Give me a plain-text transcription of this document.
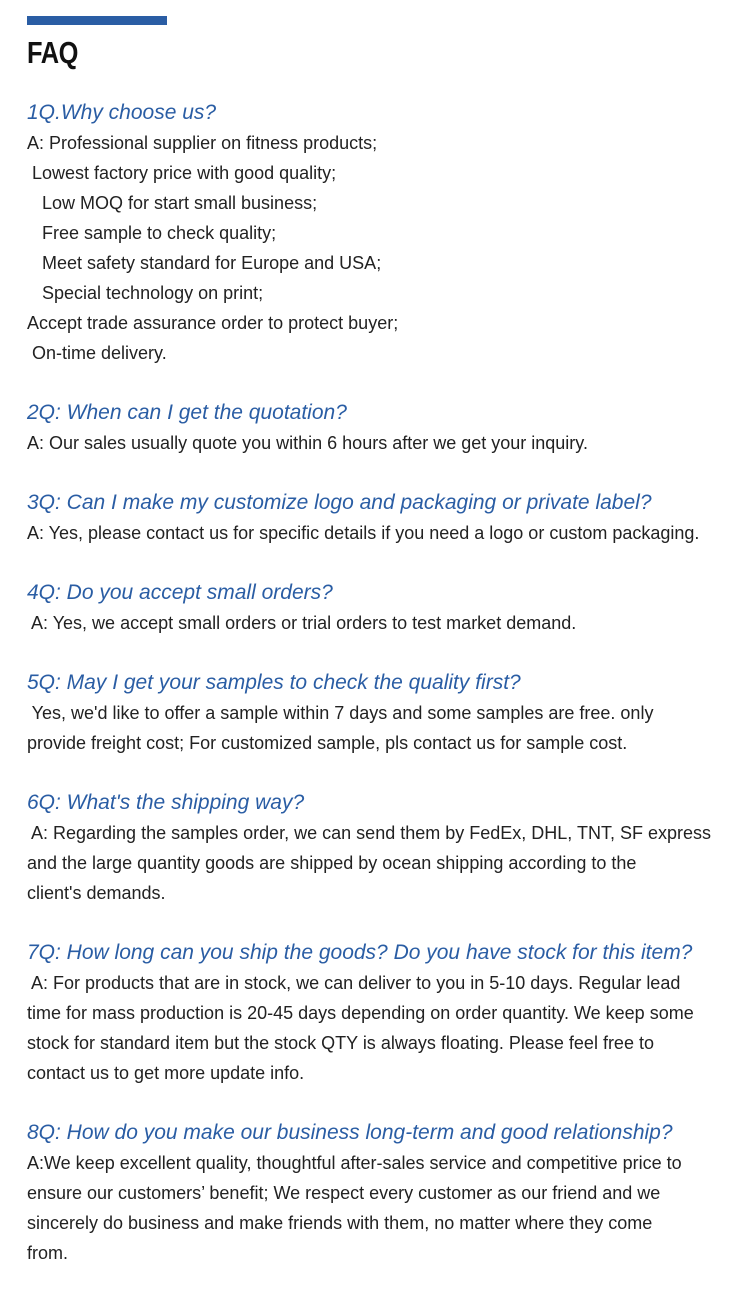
FAQ

1Q.Why choose us?

A: Professional supplier on fitness products;
Lowest factory price with good quality;
Low MOQ for start small business;
Free sample to check quality;
Meet safety standard for Europe and USA;
Special technology on print;
Accept trade assurance order to protect buyer;
On-time delivery.

2Q: When can I get the quotation?

A: Our sales usually quote you within 6 hours after we get your inquiry.

3Q: Can I make my customize logo and packaging or private label?

A: Yes, please contact us for specific details if you need a logo or custom packaging.

4Q: Do you accept small orders?

A: Yes, we accept small orders or trial orders to test market demand.

5Q: May I get your samples to check the quality first?

Yes, we'd like to offer a sample within 7 days and some samples are free. only
provide freight cost; For customized sample, pls contact us for sample cost.

6Q: What's the shipping way?

A: Regarding the samples order, we can send them by FedEx, DHL, TNT, SF express
and the large quantity goods are shipped by ocean shipping according to the
client's demands.

7Q: How long can you ship the goods? Do you have stock for this item?

A: For products that are in stock, we can deliver to you in 5-10 days. Regular lead
time for mass production is 20-45 days depending on order quantity. We keep some
stock for standard item but the stock QTY is always floating. Please feel free to
contact us to get more update info.

8Q: How do you make our business long-term and good relationship?

A:We keep excellent quality, thoughtful after-sales service and competitive price to
ensure our customers’ benefit; We respect every customer as our friend and we
sincerely do business and make friends with them, no matter where they come
from.
